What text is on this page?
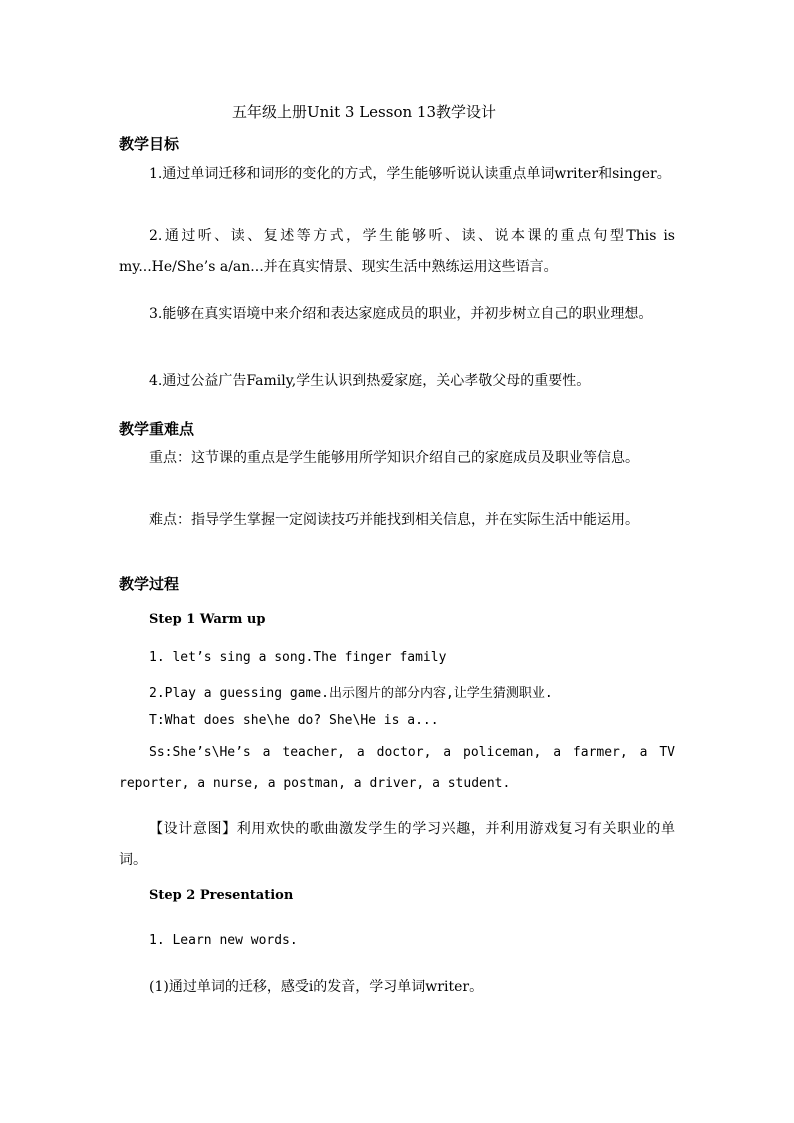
五年级上册Unit 3 Lesson 13教学设计
教学目标
1.通过单词迁移和词形的变化的方式，学生能够听说认读重点单词writer和singer。
2.通过听、读、复述等方式，学生能够听、读、说本课的重点句型This is my...He/She’s a/an...并在真实情景、现实生活中熟练运用这些语言。
3.能够在真实语境中来介绍和表达家庭成员的职业，并初步树立自己的职业理想。
4.通过公益广告Family,学生认识到热爱家庭，关心孝敬父母的重要性。
教学重难点
重点：这节课的重点是学生能够用所学知识介绍自己的家庭成员及职业等信息。
难点：指导学生掌握一定阅读技巧并能找到相关信息，并在实际生活中能运用。
教学过程
Step 1 Warm up
1. let’s sing a song.The finger family
2.Play a guessing game.出示图片的部分内容,让学生猜测职业.
T:What does she\he do? She\He is a...
Ss:She’s\He’s a teacher, a doctor, a policeman, a farmer, a TV reporter, a nurse, a postman, a driver, a student.
【设计意图】利用欢快的歌曲激发学生的学习兴趣，并利用游戏复习有关职业的单词。
Step 2 Presentation
1. Learn new words.
(1)通过单词的迁移，感受i的发音，学习单词writer。
